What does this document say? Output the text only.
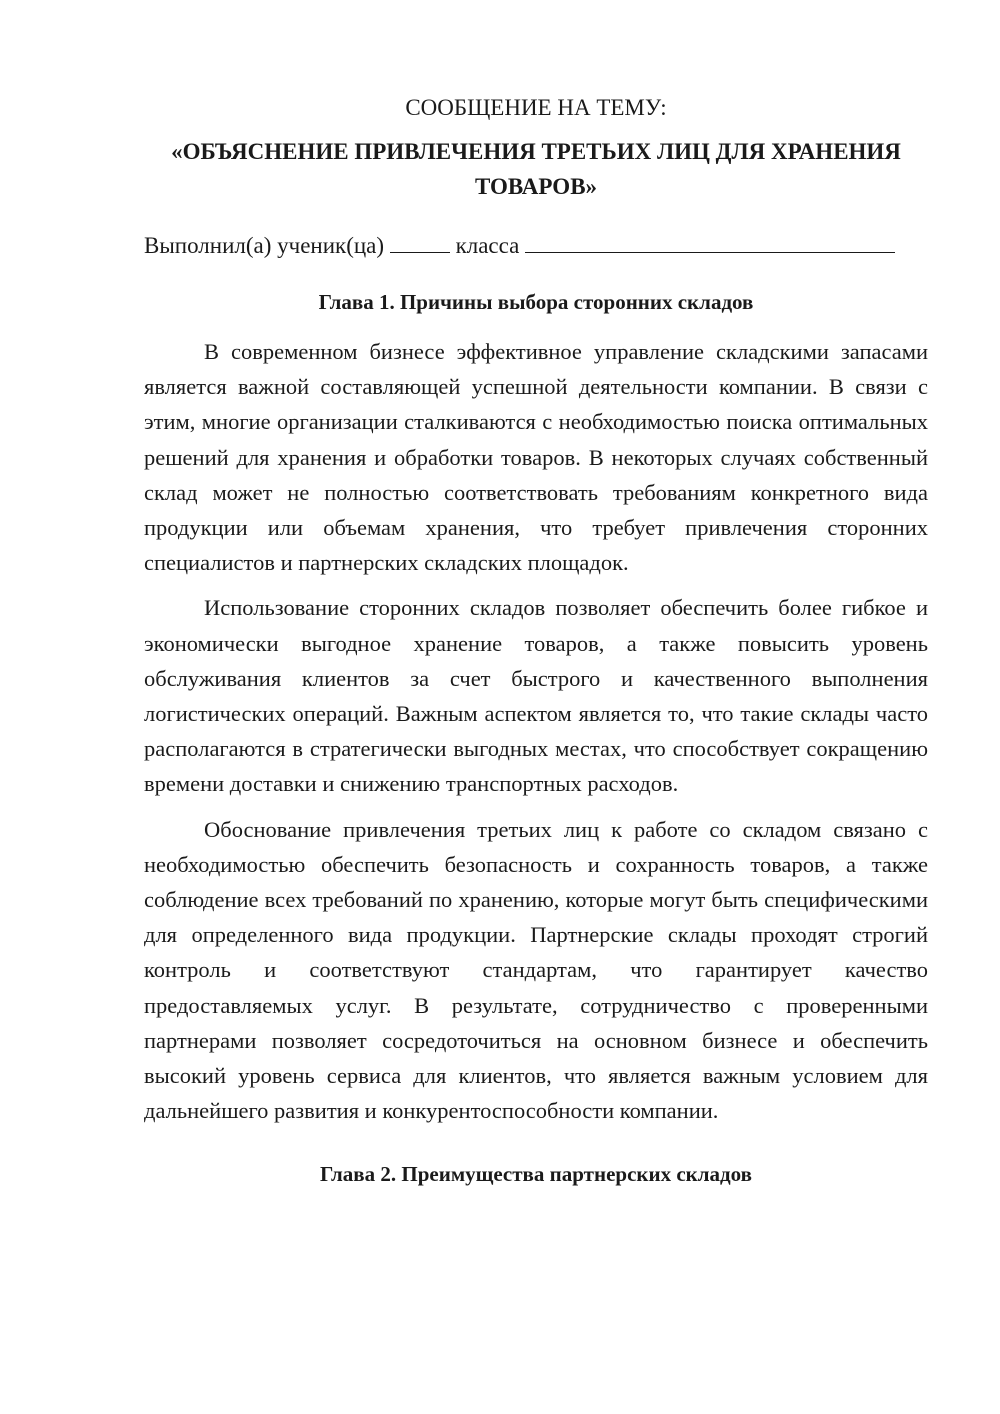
СООБЩЕНИЕ НА ТЕМУ:

«ОБЪЯСНЕНИЕ ПРИВЛЕЧЕНИЯ ТРЕТЬИХ ЛИЦ ДЛЯ ХРАНЕНИЯ ТОВАРОВ»

Выполнил(а) ученик(ца)	класса
Глава 1. Причины выбора сторонних складов

В современном бизнесе эффективное управление складскими запасами является важной составляющей успешной деятельности компании. В связи с этим, многие организации сталкиваются с необходимостью поиска оптимальных решений для хранения и обработки товаров. В некоторых случаях собственный склад может не полностью соответствовать требованиям конкретного вида продукции или объемам хранения, что требует привлечения сторонних специалистов и партнерских складских площадок.

Использование сторонних складов позволяет обеспечить более гибкое и экономически выгодное хранение товаров, а также повысить уровень обслуживания клиентов за счет быстрого и качественного выполнения логистических операций. Важным аспектом является то, что такие склады часто располагаются в стратегически выгодных местах, что способствует сокращению времени доставки и снижению транспортных расходов.

Обоснование привлечения третьих лиц к работе со складом связано с необходимостью обеспечить безопасность и сохранность товаров, а также соблюдение всех требований по хранению, которые могут быть специфическими для определенного вида продукции. Партнерские склады проходят строгий контроль и соответствуют стандартам, что гарантирует качество предоставляемых услуг. В результате, сотрудничество с проверенными партнерами позволяет сосредоточиться на основном бизнесе и обеспечить высокий уровень сервиса для клиентов, что является важным условием для дальнейшего развития и конкурентоспособности компании.

Глава 2. Преимущества партнерских складов
